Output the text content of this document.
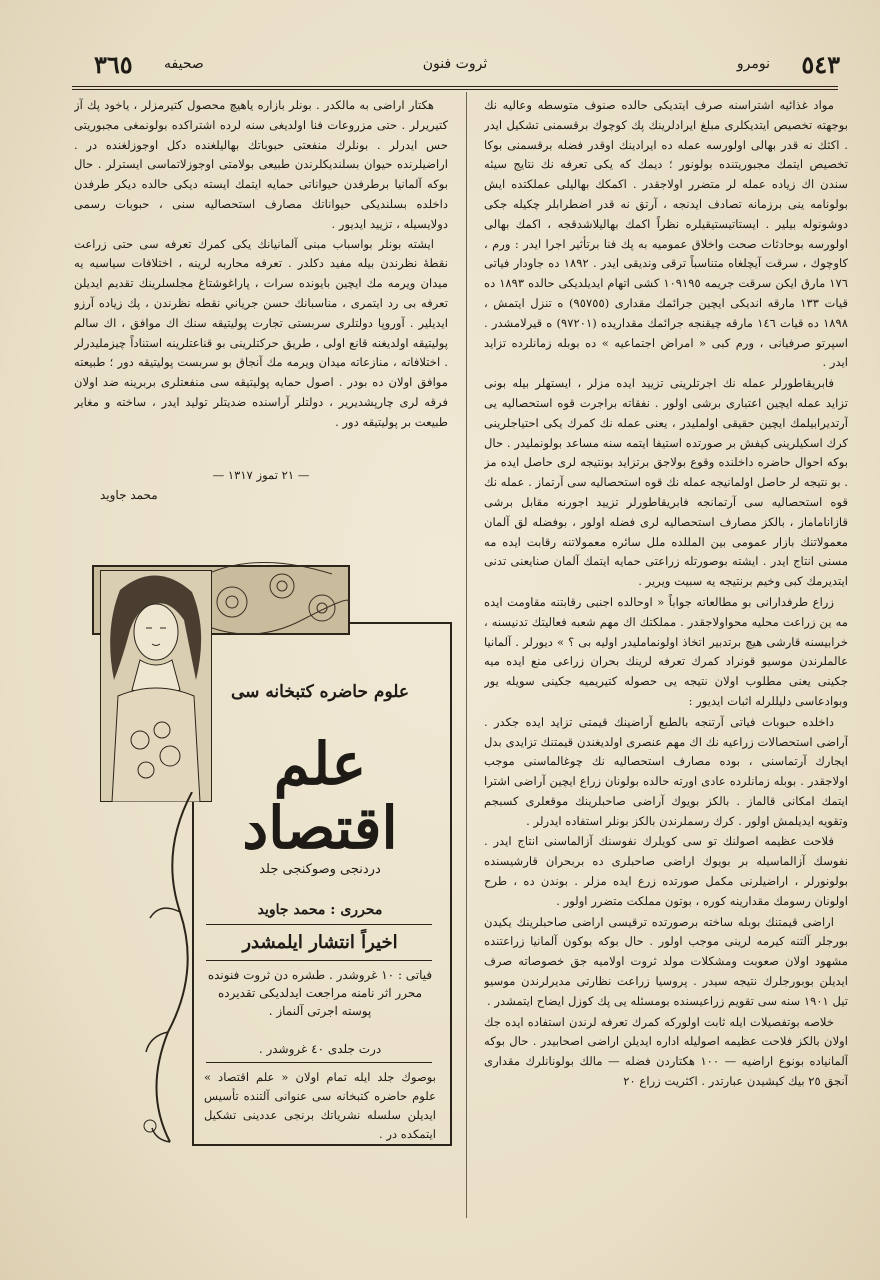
٥٤٣
نومرو
ثروت فنون
صحيفه
٣٦٥

هكتار اراضی به مالكدر . بونلر بازاره یاهیچ محصول كتيرمزلر ، یاخود پك آز كتيريرلر . حتی مزروعات فنا اولدیغی سنه لرده اشتراكده بولونمغی مجبوریتی حس ایدرلر . بونلرك منفعتی حبوباتك بهالیلغنده دكل اوجوزلغنده در . اراضيلرنده حيوان بسلندیكلرندن طبیعی بولامتی اوجوزلاتماسی ایسترلر . حال بوكه آلمانيا برطرفدن حيواناتی حمايه ایتمك ایسته دیكی حالده دیكر طرفدن داخلده بسلندیكی حيواناتك مصارف استحصاليه سنی ، حبوبات رسمی دولايسيله ، تزيید ايديور .

ایشته بونلر بواسباب مبنی آلمانیانك يكی كمرك تعرفه سی حتی زراعت نقطهٔ نظرندن بيله مفيد دكلدر . تعرفه محاربه لرینه ، اختلافات سياسيه يه ميدان ويرمه مك ايچين بایونده سرات ، پاراغوشتاغ مجلسلرینك تقديم ايدیلن تعرفه بی رد ايتمری ، مناسبانك حسن جرياني نقطه نظرندن ، پك زياده آرزو ايدیلير . آوروپا دولتلری سربستی تجارت پوليتيقه سنك اك موافق ، اك سالم پوليتيقه اولديغنه قانع اولی ، طريق حركتلرينی بو قناعتلرينه استناداً چيزملیدرلر . اختلافاته ، منازعاته ميدان ويرمه مك آنجاق بو سربست پوليتيقه دور ؛ طبيعته موافق اولان ده بودر . اصول حمايه پوليتيقه سی منفعتلری بربرینه ضد اولان فرقه لری چارپشدیرير ، دولتلر آراسنده ضديتلر توليد ايدر ، ساخته و مغاير طبيعت بر پوليتيقه دور .

— ٢١ تموز ١٣١٧ —
محمد جاويد
علوم حاضره كتبخانه سی
علم اقتصاد
دردنجی وصوكنجی جلد
محرری : محمد جاويد
اخيراً انتشار ايلمشدر
فياتی : ١٠ غروشدر . طشره دن ثروت فنونده محرر اثر نامنه مراجعت ايدلديكی تقديرده پوسته اجرتی آلنماز .
درت جلدی ٤٠ غروشدر .
بوصوك جلد ايله تمام اولان « علم اقتصاد » علوم حاضره كتبخانه سی عنوانی آلتنده تأسيس ايديلن سلسله نشرياتك برنجی عددينی تشكيل ايتمكده در .

مواد غذائيه اشتراسنه صرف ايتديكی حالده صنوف متوسطه وعاليه نك بوجهته تخصيص ايتدیكلری مبلغ ایرادلرینك پك كوچوك برقسمنی تشكيل ایدر . اكثك نه قدر بهالی اولورسه عمله ده ایرادينك اوقدر فضله برقسمنی بوكا تخصيص ایتمك مجبوريتنده بولونور ؛ ديمك كه يكی تعرفه نك نتايج سيئه سندن اك زياده عمله لر متضرر اولاجقدر . اكمكك بهالیلی عملكتده ايش بولونامه ینی برزمانه تصادف ایدنجه ، آرتق نه قدر اضطرابلر چكیله جكی دوشونوله بیلیر . ايستاتيستيقيلره نظراً اكمك بهالیلاشدقجه ، اكمك بهالی اولورسه بوحادثات صحت واخلاق عموميه به پك فنا برتأثير اجرا ايدر : ورم ، كاوچوك ، سرقت آيچلغاه متناسباً ترقی ونديقی ايدر . ١٨٩٢ ده جاودار فياتی ١٧٦ مارق ایكن سرقت جريمه ١٠٩١٩٥ كشی اتهام ایدیلدیكی حالده ١٨٩٣ ده قيات ١٣٣ مارقه انديكی ايچين جرائمك مقداری (٩٥٧٥٥) ه تنزل ايتمش ، ١٨٩٨ ده قيات ١٤٦ مارقه چیقنجه جرائمك مقداریده (٩٧٢٠١) ه قیرلامشدر . اسپرتو صرفيانی ، ورم كبی « امراض اجتماعيه » ده بوبله زمانلرده تزايد ايدر .

فابريقاطورلر عمله نك اجرتلرینی تزيید ايده مزلر ، ایستهلر بيله بونی تزايد عمله ايچين اعتباری برشی اولور . نفقاته براجرت قوه استحصاليه يی آرتديرابيلمك ايچين حقيقی اولمليدر ، يعنی عمله نك كمرك يكی احتياجلرينی كرك اسكيلرينی كيفش بر صورتده استيفا ايتمه سنه مساعد بولونمليدر . حال بوكه احوال حاضره داخلنده وقوع بولاجق برتزايد بونتيجه لری حاصل ايده مز . بو نتيجه لر حاصل اولمانيجه عمله نك قوه استحصاليه سی آرتماز . عمله نك قوه استحصاليه سی آرتمانجه فابريقاطورلر تزيید اجورنه مقابل برشی قازاناماماز ، بالكز مصارف استحصاليه لری فضله اولور ، بوفضله لق آلمان معمولاتنك بازار عمومی بين المللده ملل سائره معمولاتنه رقابت ايده مه مسنی انتاج ايدر . ايشته بوصورتله زراعتی حمايه ايتمك آلمان صنايعنی تدنی ایتدیرمك كبی وخيم برنتيجه يه سبيت ويرير .

زراع طرفدارانی بو مطالعاته جواباً « اوحالده اجنبی رقابتنه مقاومت ايده مه ين زراعت محليه محواولاجقدر . مملكتك اك مهم شعبه فعاليتك تدنيسنه ، خرابيسنه قارشی هيچ برتدبير اتخاذ اولونمامليدر اوليه بی ؟ » ديورلر . آلمانيا عالملرندن موسيو قونراد كمرك تعرفه لرينك بحران زراعی منع ايده ميه جكينی يعنی مطلوب اولان نتيجه يی حصوله كتيريميه جكينی سويله يور وبوادعاسی دليللرله اثبات ايديور :

داخلده حبوبات فياتی آرتنجه بالطبع آراضينك قيمتی تزايد ايده جكدر . آراضی استحصالات زراعيه نك اك مهم عنصری اولديغندن قيمتنك تزايدی بدل ايجارك آرتماسنی ، بوده مصارف استحصاليه نك چوغالماسنی موجب اولاجقدر . بوبله زمانلرده عادی اورته حالده بولونان زراع ايچين آراضی اشترا ايتمك امكانی قالماز . بالكز بويوك آراضی صاحبلرينك موقعلری كسبجم وتقويه ايديلمش اولور . كرك رسملرندن بالكز بونلر استفاده ايدرلر .

فلاحت عظيمه اصولنك تو سی كويلرك نفوسنك آزالماسنی انتاج ايدر . نفوسك آزالماسيله بر بويوك اراضی صاحبلری ده بربحران قارشيسنده بولونورلر ، اراضيلرنی مكمل صورتده زرع ايده مزلر . بوندن ده ، طرح اولونان رسومك مقدارينه كوره ، بوتون مملكت متضرر اولور .

اراضی قيمتنك بوبله ساخته برصورتده ترقيسی اراضی صاحبلرينك يكيدن بورجلر آلتنه كيرمه لرينی موجب اولور . حال بوكه بوكون آلمانيا زراعتنده مشهود اولان صعوبت ومشكلات مولد ثروت اولاميه جق خصوصاته صرف ايديلن بوبورجلرك نتيجه سيدر . پروسيا زراعت نظارتی مدیرلرندن موسيو تيل ١٩٠١ سنه سی تقويم زراعيسنده بومسئله يی پك كوزل ايضاح ايتمشدر .

خلاصه بوتفصيلات ايله ثابت اولوركه كمرك تعرفه لرندن استفاده ايده جك اولان بالكز فلاحت عظيمه اصوليله اداره ايديلن اراضی اصحابيدر . حال بوكه آلمانياده بونوع اراضيه — ١٠٠ هكتاردن فضله — مالك بولونانلرك مقداری آنجق ٢٥ بيك كيشيدن عبارتدر . اكثريت زراع ٢٠
